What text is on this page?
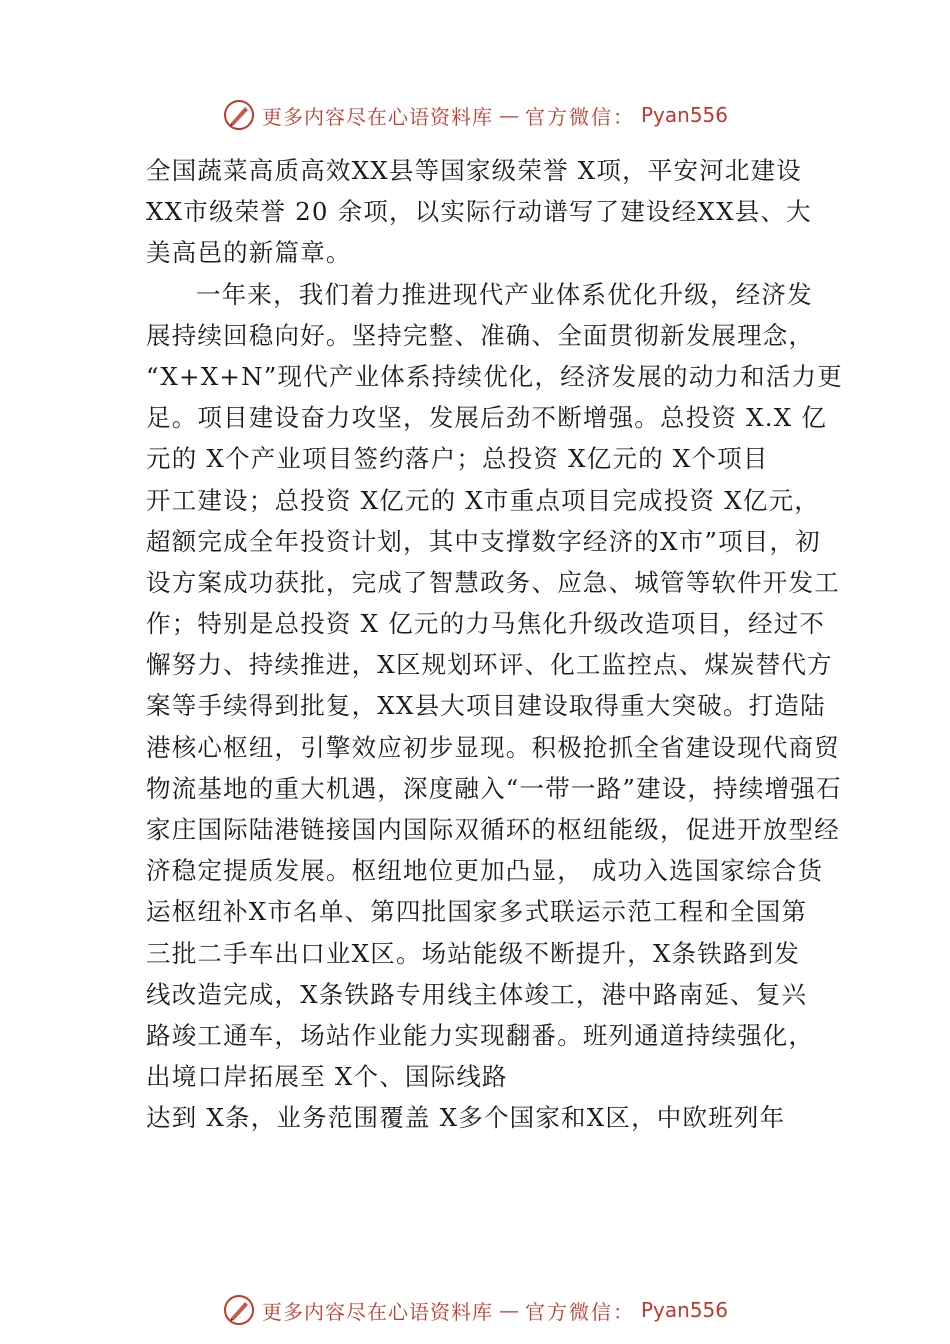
更多内容尽在心语资料库 — 官方微信： Pyan556
全国蔬菜高质高效XX县等国家级荣誉 X项，平安河北建设
XX市级荣誉 20 余项，以实际行动谱写了建设经XX县、大
美高邑的新篇章。
一年来，我们着力推进现代产业体系优化升级，经济发
展持续回稳向好。坚持完整、准确、全面贯彻新发展理念，
“X+X+N”现代产业体系持续优化，经济发展的动力和活力更
足。项目建设奋力攻坚，发展后劲不断增强。总投资 X.X 亿
元的 X个产业项目签约落户；总投资 X亿元的 X个项目
开工建设；总投资 X亿元的 X市重点项目完成投资 X亿元，
超额完成全年投资计划，其中支撑数字经济的X市”项目，初
设方案成功获批，完成了智慧政务、应急、城管等软件开发工
作；特别是总投资 X 亿元的力马焦化升级改造项目，经过不
懈努力、持续推进，X区规划环评、化工监控点、煤炭替代方
案等手续得到批复，XX县大项目建设取得重大突破。打造陆
港核心枢纽，引擎效应初步显现。积极抢抓全省建设现代商贸
物流基地的重大机遇，深度融入“一带一路”建设，持续增强石
家庄国际陆港链接国内国际双循环的枢纽能级，促进开放型经
济稳定提质发展。枢纽地位更加凸显， 成功入选国家综合货
运枢纽补X市名单、第四批国家多式联运示范工程和全国第
三批二手车出口业X区。场站能级不断提升，X条铁路到发
线改造完成，X条铁路专用线主体竣工，港中路南延、复兴
路竣工通车，场站作业能力实现翻番。班列通道持续强化，
出境口岸拓展至 X个、国际线路
达到 X条，业务范围覆盖 X多个国家和X区，中欧班列年
更多内容尽在心语资料库 — 官方微信： Pyan556
